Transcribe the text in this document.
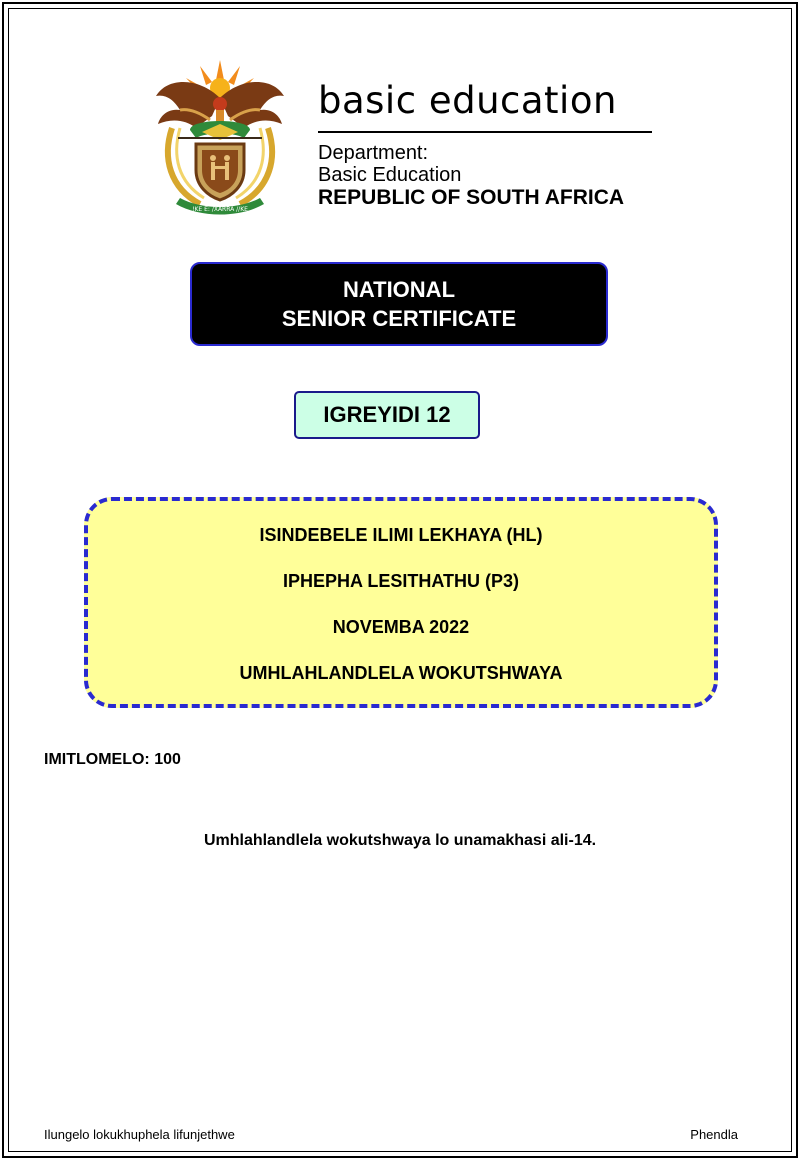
!KE E: /XARRA //KE
basic education
Department:
Basic Education
REPUBLIC OF SOUTH AFRICA
NATIONAL
SENIOR CERTIFICATE
IGREYIDI 12
ISINDEBELE ILIMI LEKHAYA (HL)
IPHEPHA LESITHATHU (P3)
NOVEMBA 2022
UMHLAHLANDLELA WOKUTSHWAYA
IMITLOMELO: 100
Umhlahlandlela wokutshwaya lo unamakhasi ali-14.
Ilungelo lokukhuphela lifunjethwe	Phendla
